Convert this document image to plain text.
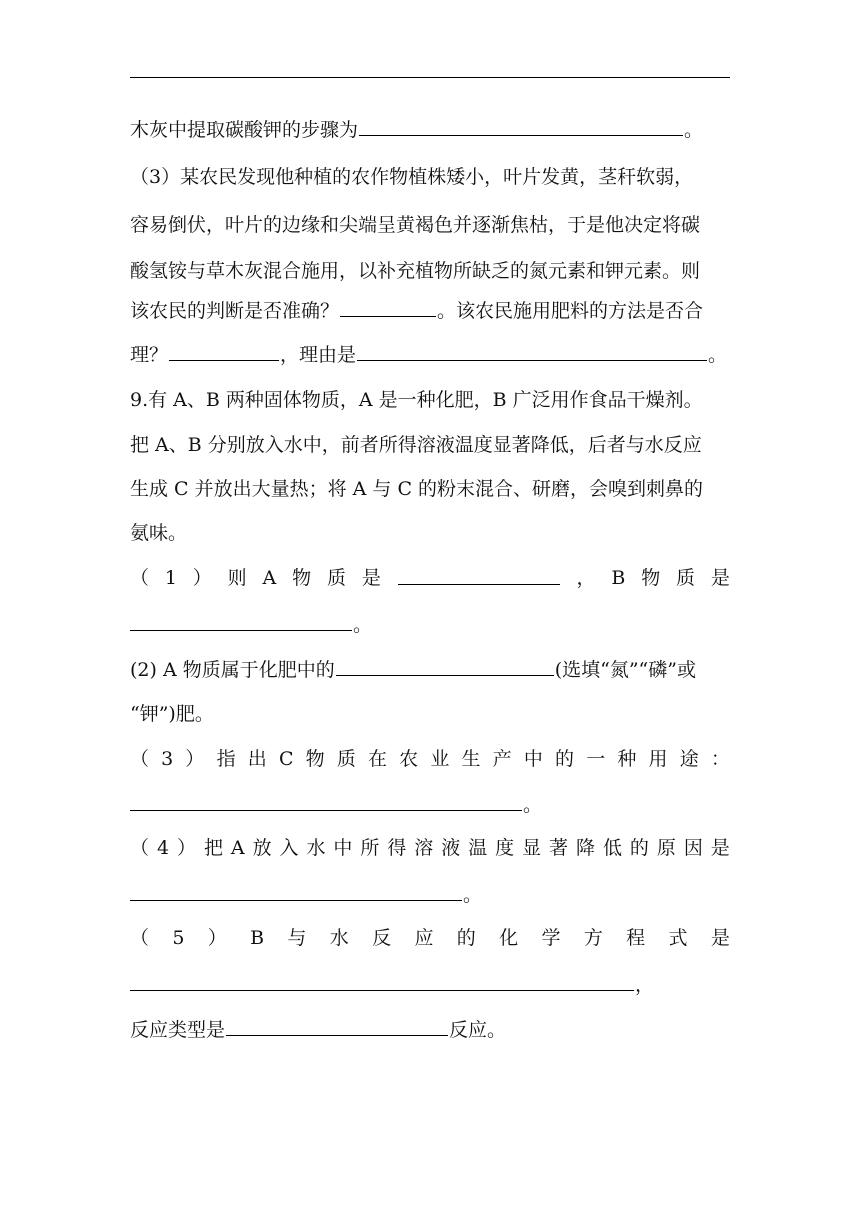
木灰中提取碳酸钾的步骤为	。
（3）某农民发现他种植的农作物植株矮小，叶片发黄，茎秆软弱，
容易倒伏，叶片的边缘和尖端呈黄褐色并逐渐焦枯，于是他决定将碳
酸氢铵与草木灰混合施用，以补充植物所缺乏的氮元素和钾元素。则
该农民的判断是否准确？	。该农民施用肥料的方法是否合
理？	，理由是	。
9.有 A、B 两种固体物质，A 是一种化肥，B 广泛用作食品干燥剂。
把 A、B 分别放入水中，前者所得溶液温度显著降低，后者与水反应
生成 C 并放出大量热；将 A 与 C 的粉末混合、研磨，会嗅到刺鼻的
氨味。
（ 1 ） 则 A 物 质 是	， B 物 质 是
。
(2) A 物质属于化肥中的	(选填“氮”“磷”或
“钾”)肥。
（ 3 ） 指 出 C 物 质 在 农 业 生 产 中 的 一 种 用 途 ：
。
（ 4 ） 把 A 放 入 水 中 所 得 溶 液 温 度 显 著 降 低 的 原 因 是
。
（ 5 ） B 与 水 反 应 的 化 学 方 程 式 是
，
反应类型是	反应。
